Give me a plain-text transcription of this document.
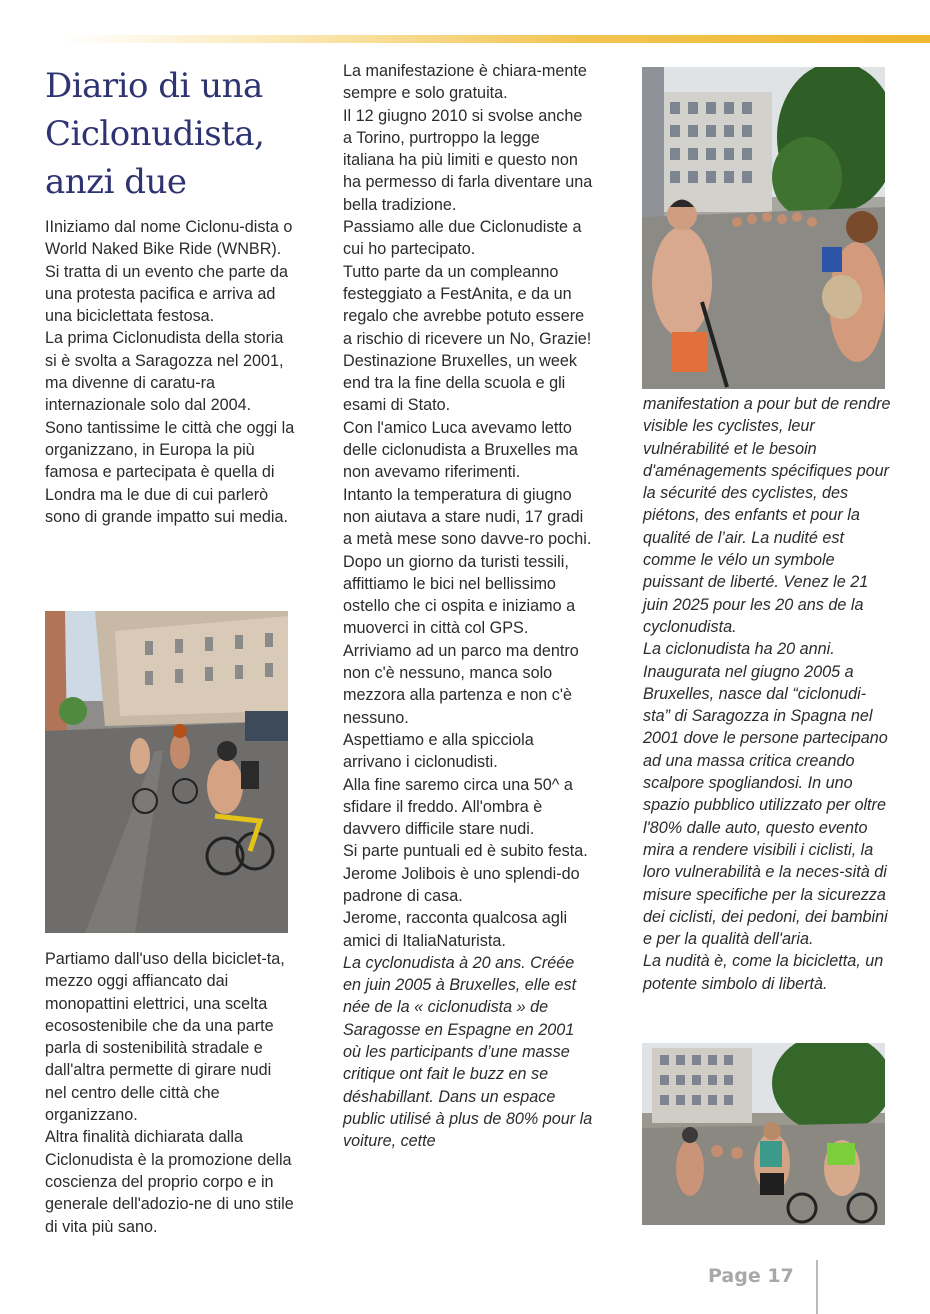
Diario di una Ciclonudista, anzi due

IIniziamo dal nome Ciclonu-dista o World Naked Bike Ride (WNBR).

Si tratta di un evento che parte da una protesta pacifica e arriva ad una biciclettata festosa.

La prima Ciclonudista della storia si è svolta a Saragozza nel 2001, ma divenne di caratu-ra internazionale solo dal 2004.

Sono tantissime le città che oggi la organizzano, in Europa la più famosa e partecipata è quella di Londra ma le due di cui parlerò sono di grande impatto sui media.

Partiamo dall'uso della biciclet-ta, mezzo oggi affiancato dai monopattini elettrici, una scelta ecosostenibile che da una parte parla di sostenibilità stradale e dall'altra permette di girare nudi nel centro delle città che organizzano.

Altra finalità dichiarata dalla Ciclonudista è la promozione della coscienza del proprio corpo e in generale dell'adozio-ne di uno stile di vita più sano.

La manifestazione è chiara-mente sempre e solo gratuita.

Il 12 giugno 2010 si svolse anche a Torino, purtroppo la legge italiana ha più limiti e questo non ha permesso di farla diventare una bella tradizione.

Passiamo alle due Ciclonudiste a cui ho partecipato.

Tutto parte da un compleanno festeggiato a FestAnita, e da un regalo che avrebbe potuto essere a rischio di ricevere un No, Grazie! Destinazione Bruxelles, un week end tra la fine della scuola e gli esami di Stato.

Con l'amico Luca avevamo letto delle ciclonudista a Bruxelles ma non avevamo riferimenti.

Intanto la temperatura di giugno non aiutava a stare nudi, 17 gradi a metà mese sono davve-ro pochi.

Dopo un giorno da turisti tessili, affittiamo le bici nel bellissimo ostello che ci ospita e iniziamo a muoverci in città col GPS.

Arriviamo ad un parco ma dentro non c'è nessuno, manca solo mezzora alla partenza e non c'è nessuno.

Aspettiamo e alla spicciola arrivano i ciclonudisti.

Alla fine saremo circa una 50^ a sfidare il freddo. All'ombra è davvero difficile stare nudi.

Si parte puntuali ed è subito festa.

Jerome Jolibois è uno splendi-do padrone di casa.

Jerome, racconta qualcosa agli amici di ItaliaNaturista.

La cyclonudista à 20 ans. Créée en juin 2005 à Bruxelles, elle est née de la « ciclonudista » de Saragosse en Espagne en 2001 où les participants d’une masse critique ont fait le buzz en se déshabillant. Dans un espace public utilisé à plus de 80% pour la voiture, cette

manifestation a pour but de rendre visible les cyclistes, leur vulnérabilité et le besoin d'aménagements spécifiques pour la sécurité des cyclistes, des piétons, des enfants et pour la qualité de l’air. La nudité est comme le vélo un symbole puissant de liberté. Venez le 21 juin 2025 pour les 20 ans de la cyclonudista.

La ciclonudista ha 20 anni. Inaugurata nel giugno 2005 a Bruxelles, nasce dal “ciclonudi-sta” di Saragozza in Spagna nel 2001 dove le persone partecipano ad una massa critica creando scalpore spogliandosi. In uno spazio pubblico utilizzato per oltre l'80% dalle auto, questo evento mira a rendere visibili i ciclisti, la loro vulnerabilità e la neces-sità di misure specifiche per la sicurezza dei ciclisti, dei pedoni, dei bambini e per la qualità dell'aria.

La nudità è, come la bicicletta, un potente simbolo di libertà.

Page 17
